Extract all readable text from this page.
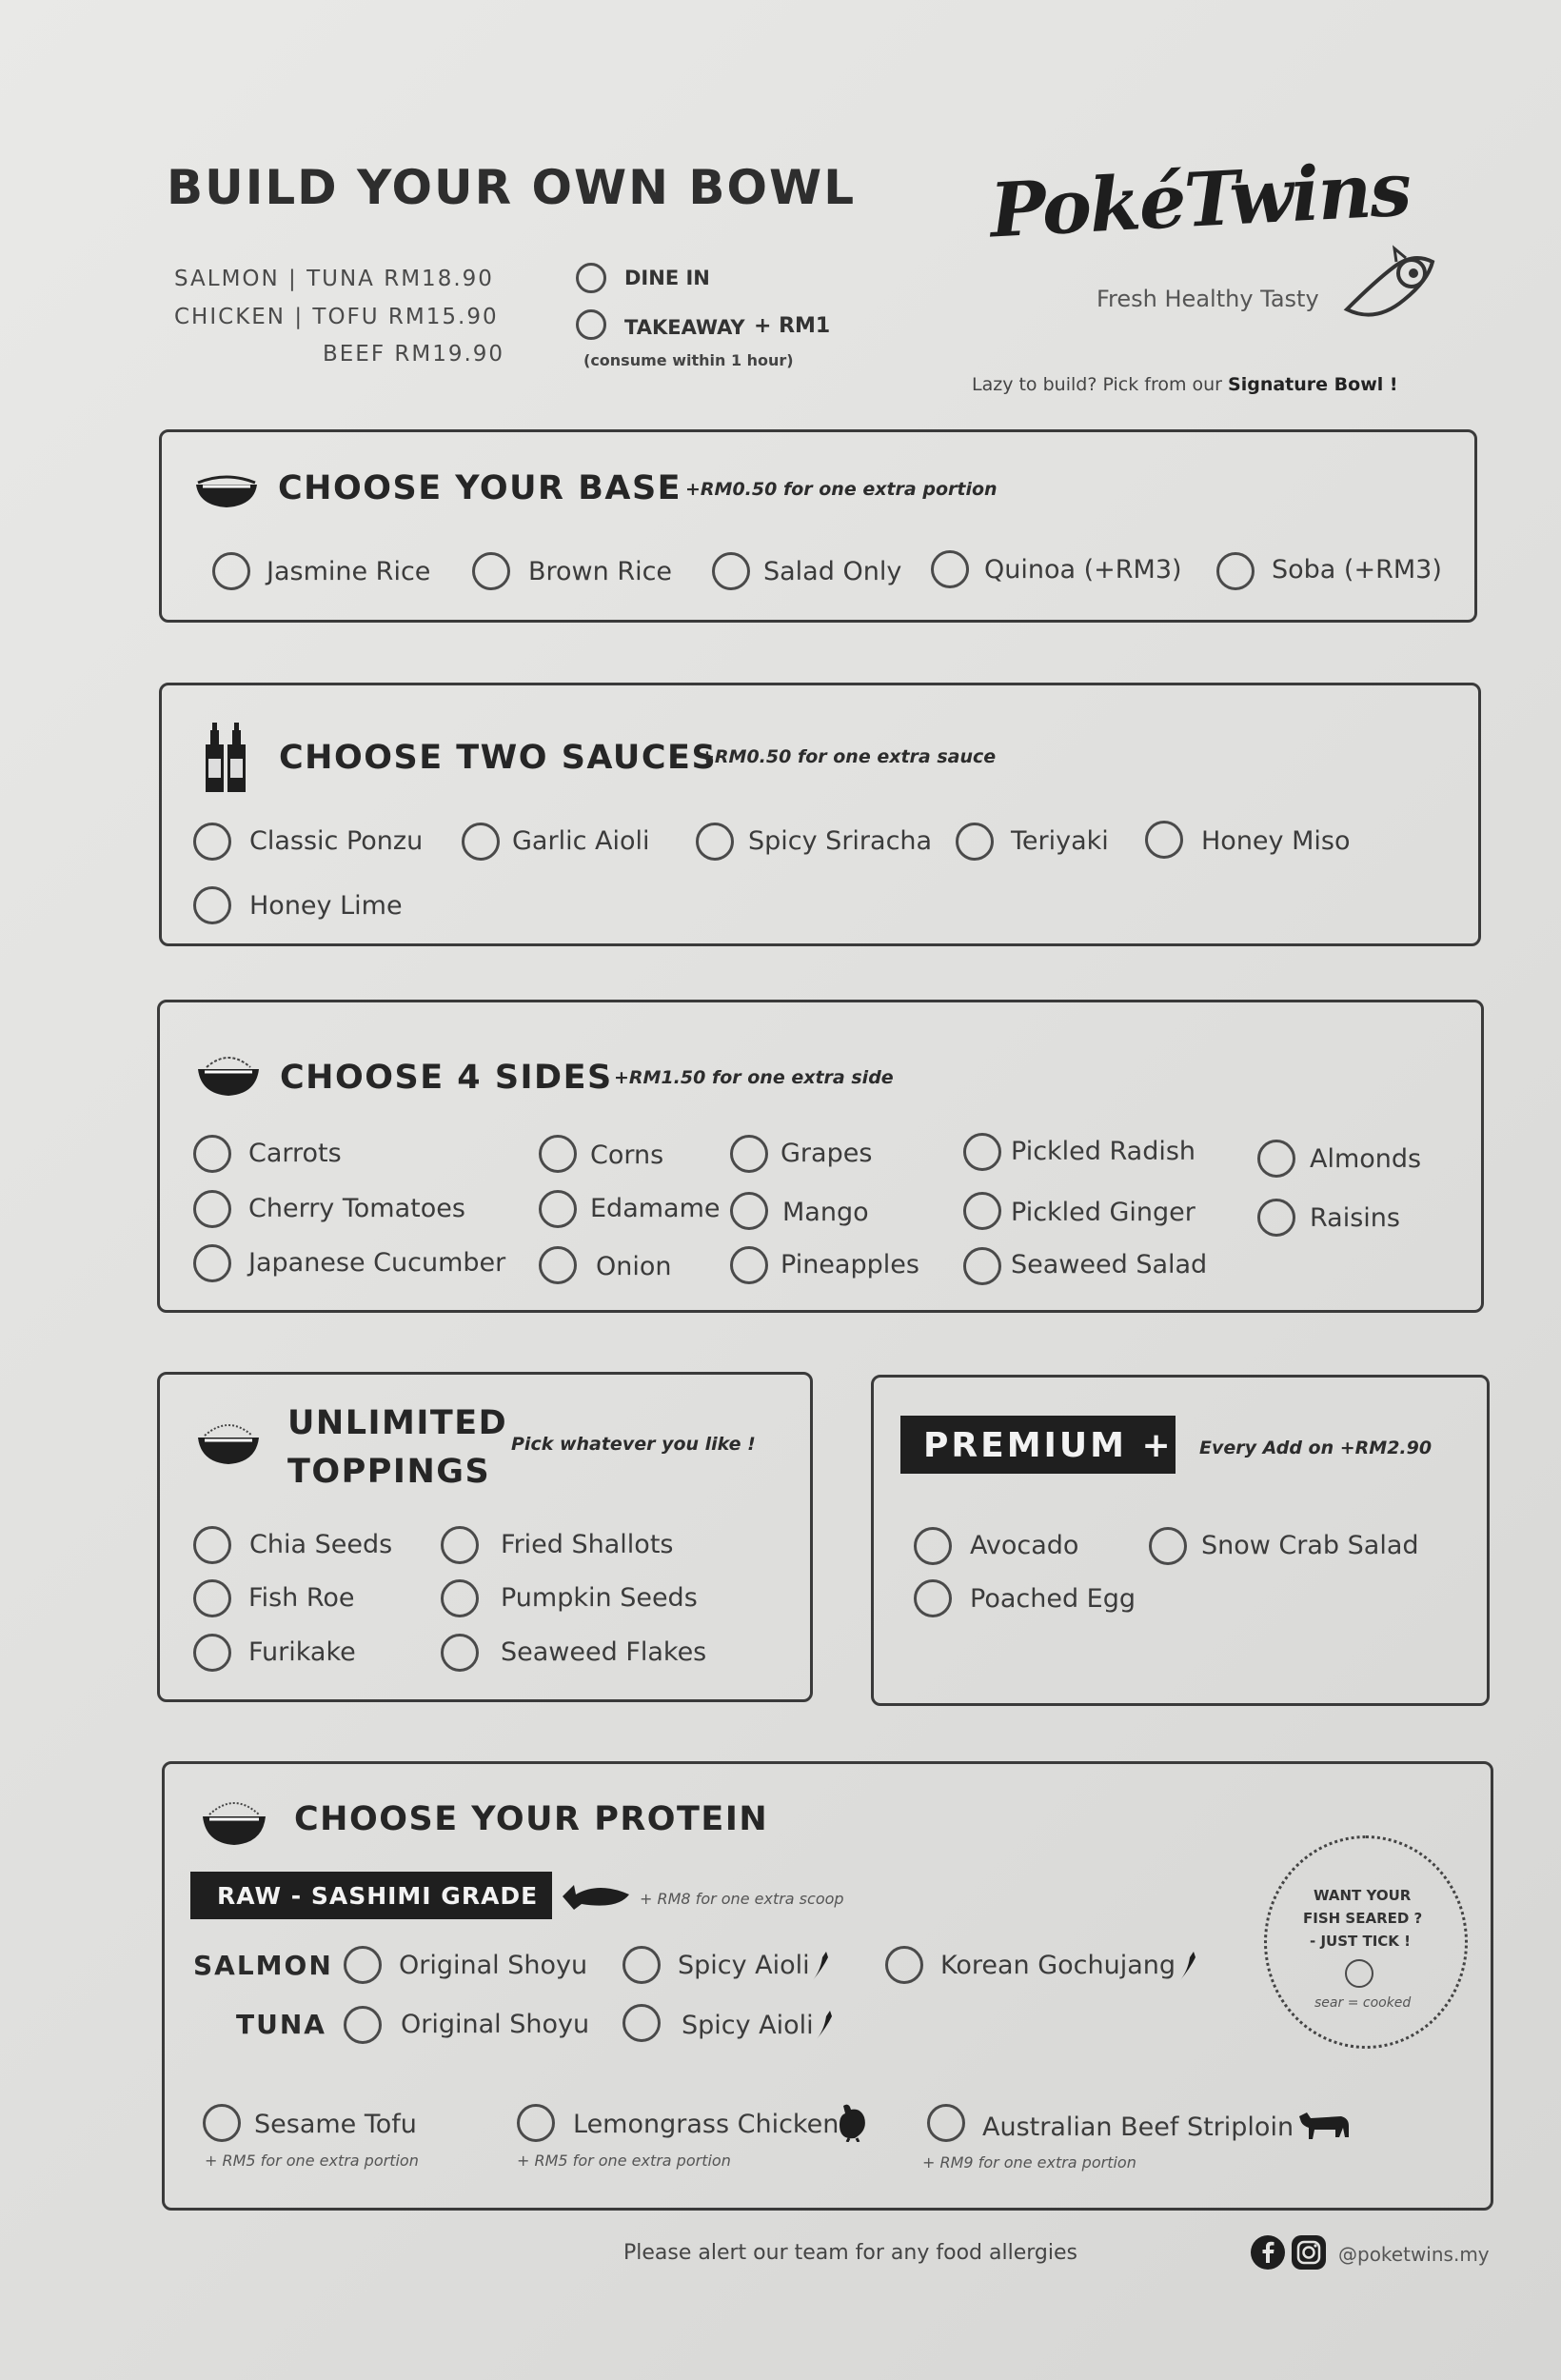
BUILD YOUR OWN BOWL
SALMON | TUNA RM18.90
CHICKEN | TOFU RM15.90
BEEF RM19.90
DINE IN
TAKEAWAY + RM1
(consume within 1 hour)
PokéTwins
Fresh Healthy Tasty
Lazy to build? Pick from our Signature Bowl !
CHOOSE YOUR BASE +RM0.50 for one extra portion
Jasmine Rice	Brown Rice	Salad Only	Quinoa (+RM3)	Soba (+RM3)
CHOOSE TWO SAUCES
+RM0.50 for one extra sauce
Classic Ponzu	Garlic Aioli	Spicy Sriracha	Teriyaki	Honey Miso
Honey Lime
CHOOSE 4 SIDES +RM1.50 for one extra side
Carrots
Cherry Tomatoes
Japanese Cucumber
Corns
Edamame
Onion
Grapes
Mango
Pineapples
Pickled Radish
Pickled Ginger
Seaweed Salad
Almonds
Raisins
UNLIMITED
TOPPINGS
Pick whatever you like !
Chia Seeds
Fish Roe
Furikake
Fried Shallots
Pumpkin Seeds
Seaweed Flakes
PREMIUM + Every Add on +RM2.90
Avocado
Poached Egg
Snow Crab Salad
CHOOSE YOUR PROTEIN
RAW - SASHIMI GRADE	+ RM8 for one extra scoop
SALMON	Original Shoyu	Spicy Aioli	Korean Gochujang
TUNA	Original Shoyu	Spicy Aioli
WANT YOUR
FISH SEARED ?
- JUST TICK !
sear = cooked
Sesame Tofu
+ RM5 for one extra portion
Lemongrass Chicken
+ RM5 for one extra portion
Australian Beef Striploin
+ RM9 for one extra portion
Please alert our team for any food allergies	@poketwins.my
